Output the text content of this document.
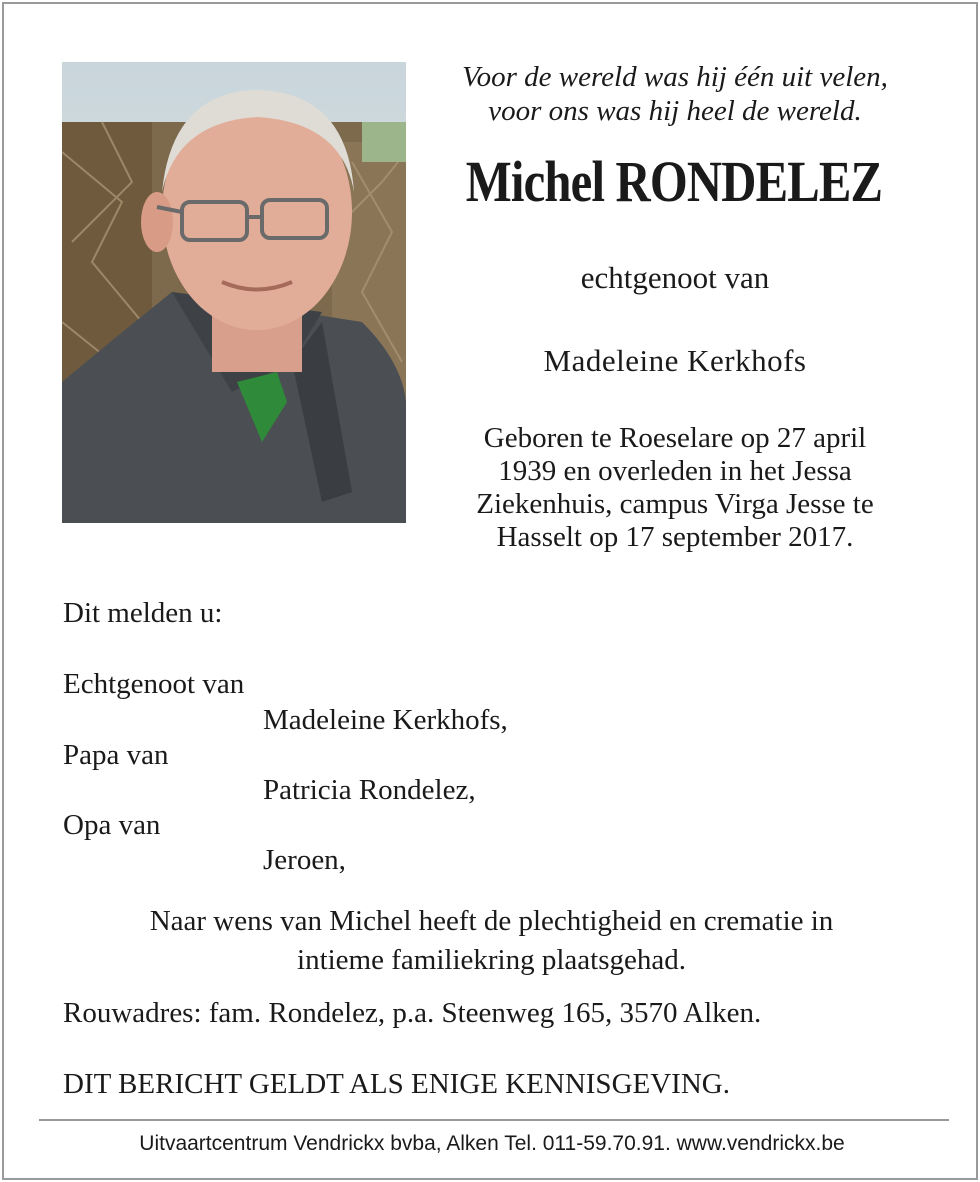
Voor de wereld was hij één uit velen,
voor ons was hij heel de wereld.
Michel RONDELEZ
echtgenoot van
Madeleine Kerkhofs
Geboren te Roeselare op 27 april
1939 en overleden in het Jessa
Ziekenhuis, campus Virga Jesse te
Hasselt op 17 september 2017.
Dit melden u:
Echtgenoot van
Madeleine Kerkhofs,
Papa van
Patricia Rondelez,
Opa van
Jeroen,
Naar wens van Michel heeft de plechtigheid en crematie in
intieme familiekring plaatsgehad.
Rouwadres: fam. Rondelez, p.a. Steenweg 165, 3570 Alken.
DIT BERICHT GELDT ALS ENIGE KENNISGEVING.
Uitvaartcentrum Vendrickx bvba, Alken Tel. 011-59.70.91. www.vendrickx.be
